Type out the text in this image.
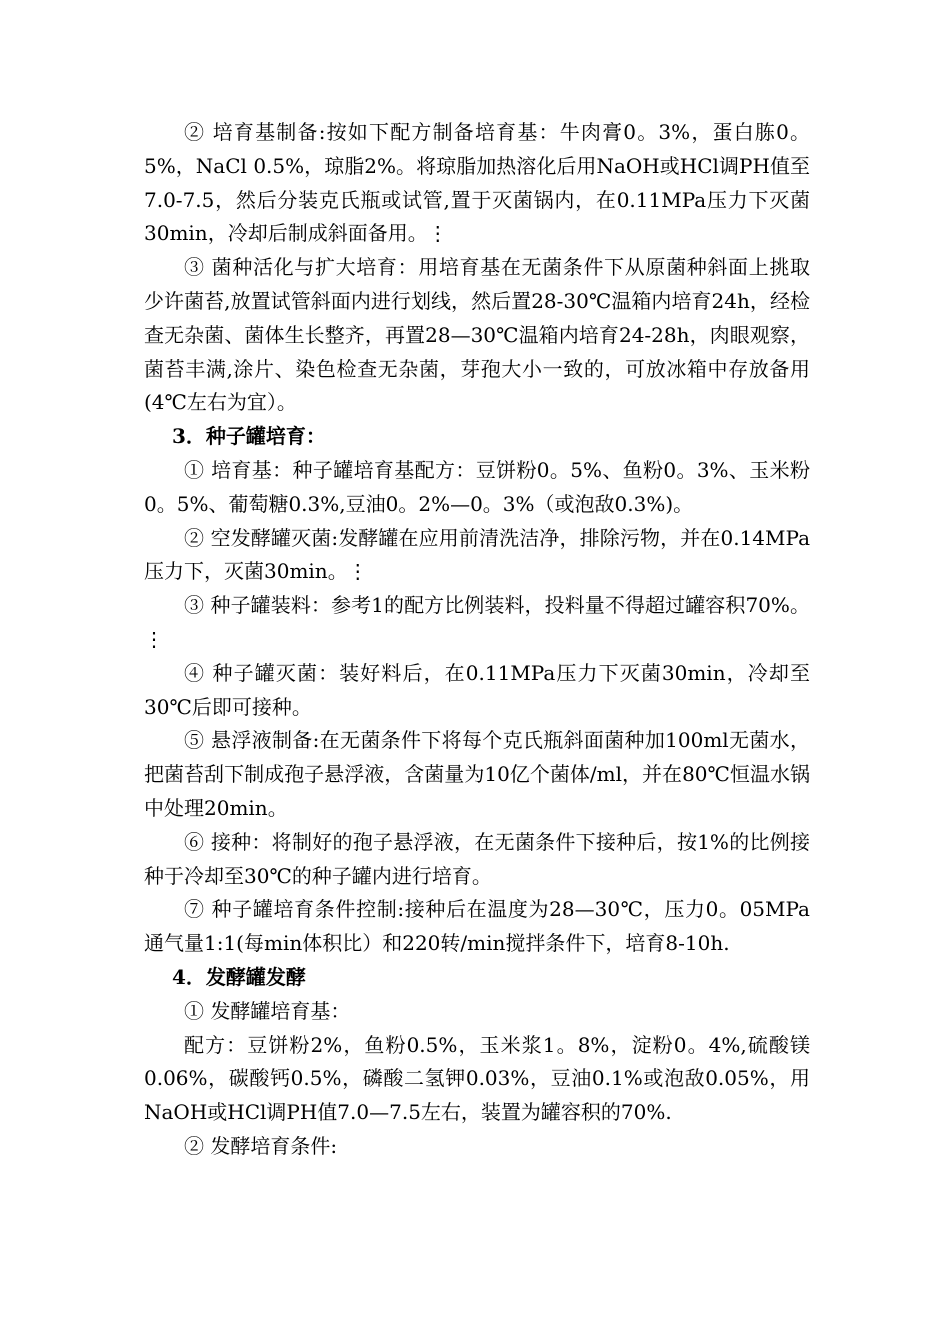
② 培育基制备:按如下配方制备培育基：牛肉膏0。3%，蛋白胨0。5%，NaCl 0.5%，琼脂2%。将琼脂加热溶化后用NaOH或HCl调PH值至7.0-7.5，然后分装克氏瓶或试管,置于灭菌锅内，在0.11MPa压力下灭菌30min，冷却后制成斜面备用。⋮

③ 菌种活化与扩大培育：用培育基在无菌条件下从原菌种斜面上挑取少许菌苔,放置试管斜面内进行划线，然后置28-30℃温箱内培育24h，经检查无杂菌、菌体生长整齐，再置28—30℃温箱内培育24-28h，肉眼观察，菌苔丰满,涂片、染色检查无杂菌，芽孢大小一致的，可放冰箱中存放备用(4℃左右为宜）。

3．种子罐培育：

① 培育基：种子罐培育基配方：豆饼粉0。5%、鱼粉0。3%、玉米粉0。5%、葡萄糖0.3%,豆油0。2%—0。3%（或泡敌0.3%)。

② 空发酵罐灭菌:发酵罐在应用前清洗洁净，排除污物，并在0.14MPa压力下，灭菌30min。⋮

③ 种子罐装料：参考1的配方比例装料，投料量不得超过罐容积70%。⋮

④ 种子罐灭菌：装好料后，在0.11MPa压力下灭菌30min，冷却至30℃后即可接种。

⑤ 悬浮液制备:在无菌条件下将每个克氏瓶斜面菌种加100ml无菌水，把菌苔刮下制成孢子悬浮液，含菌量为10亿个菌体/ml，并在80℃恒温水锅中处理20min。

⑥ 接种：将制好的孢子悬浮液，在无菌条件下接种后，按1%的比例接种于冷却至30℃的种子罐内进行培育。

⑦ 种子罐培育条件控制:接种后在温度为28—30℃，压力0。05MPa通气量1:1(每min体积比）和220转/min搅拌条件下，培育8-10h.

4．发酵罐发酵

① 发酵罐培育基：

配方：豆饼粉2%，鱼粉0.5%，玉米浆1。8%，淀粉0。4%,硫酸镁0.06%，碳酸钙0.5%，磷酸二氢钾0.03%，豆油0.1%或泡敌0.05%，用NaOH或HCl调PH值7.0—7.5左右，装置为罐容积的70%.

② 发酵培育条件:
